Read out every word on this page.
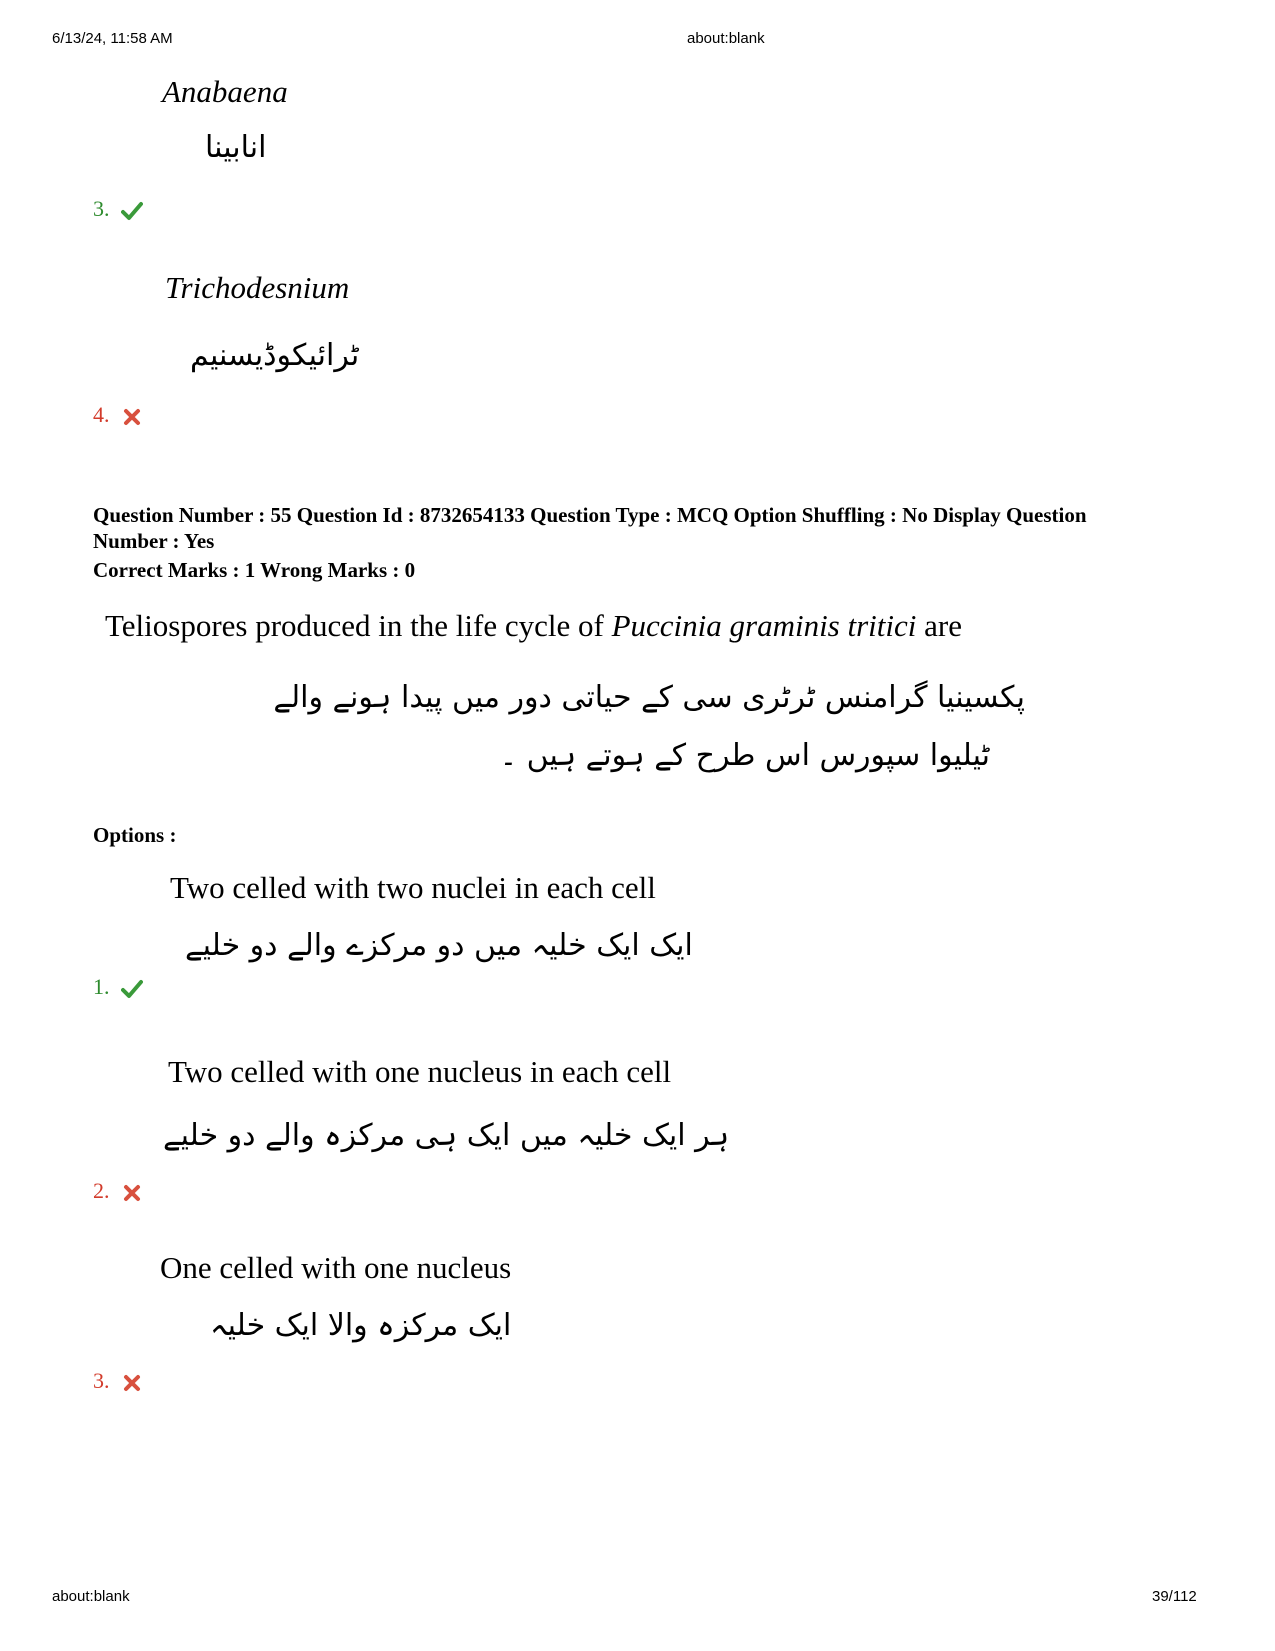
6/13/24, 11:58 AM	about:blank
Anabaena
انابینا
3.
Trichodesnium
ٹرائیکوڈیسنیم
4.
Question Number : 55 Question Id : 8732654133 Question Type : MCQ Option Shuffling : No Display Question
Number : Yes
Correct Marks : 1 Wrong Marks : 0
Teliospores produced in the life cycle of Puccinia graminis tritici are
پکسینیا گرامنس ٹرٹری سی کے حیاتی دور میں پیدا ہونے والے
ٹیلیوا سپورس اس طرح کے ہوتے ہیں ۔
Options :
Two celled with two nuclei in each cell
ایک ایک خلیہ میں دو مرکزے والے دو خلیے
1.
Two celled with one nucleus in each cell
ہر ایک خلیہ میں ایک ہی مرکزہ والے دو خلیے
2.
One celled with one nucleus
ایک مرکزہ والا ایک خلیہ
3.
about:blank	39/112
